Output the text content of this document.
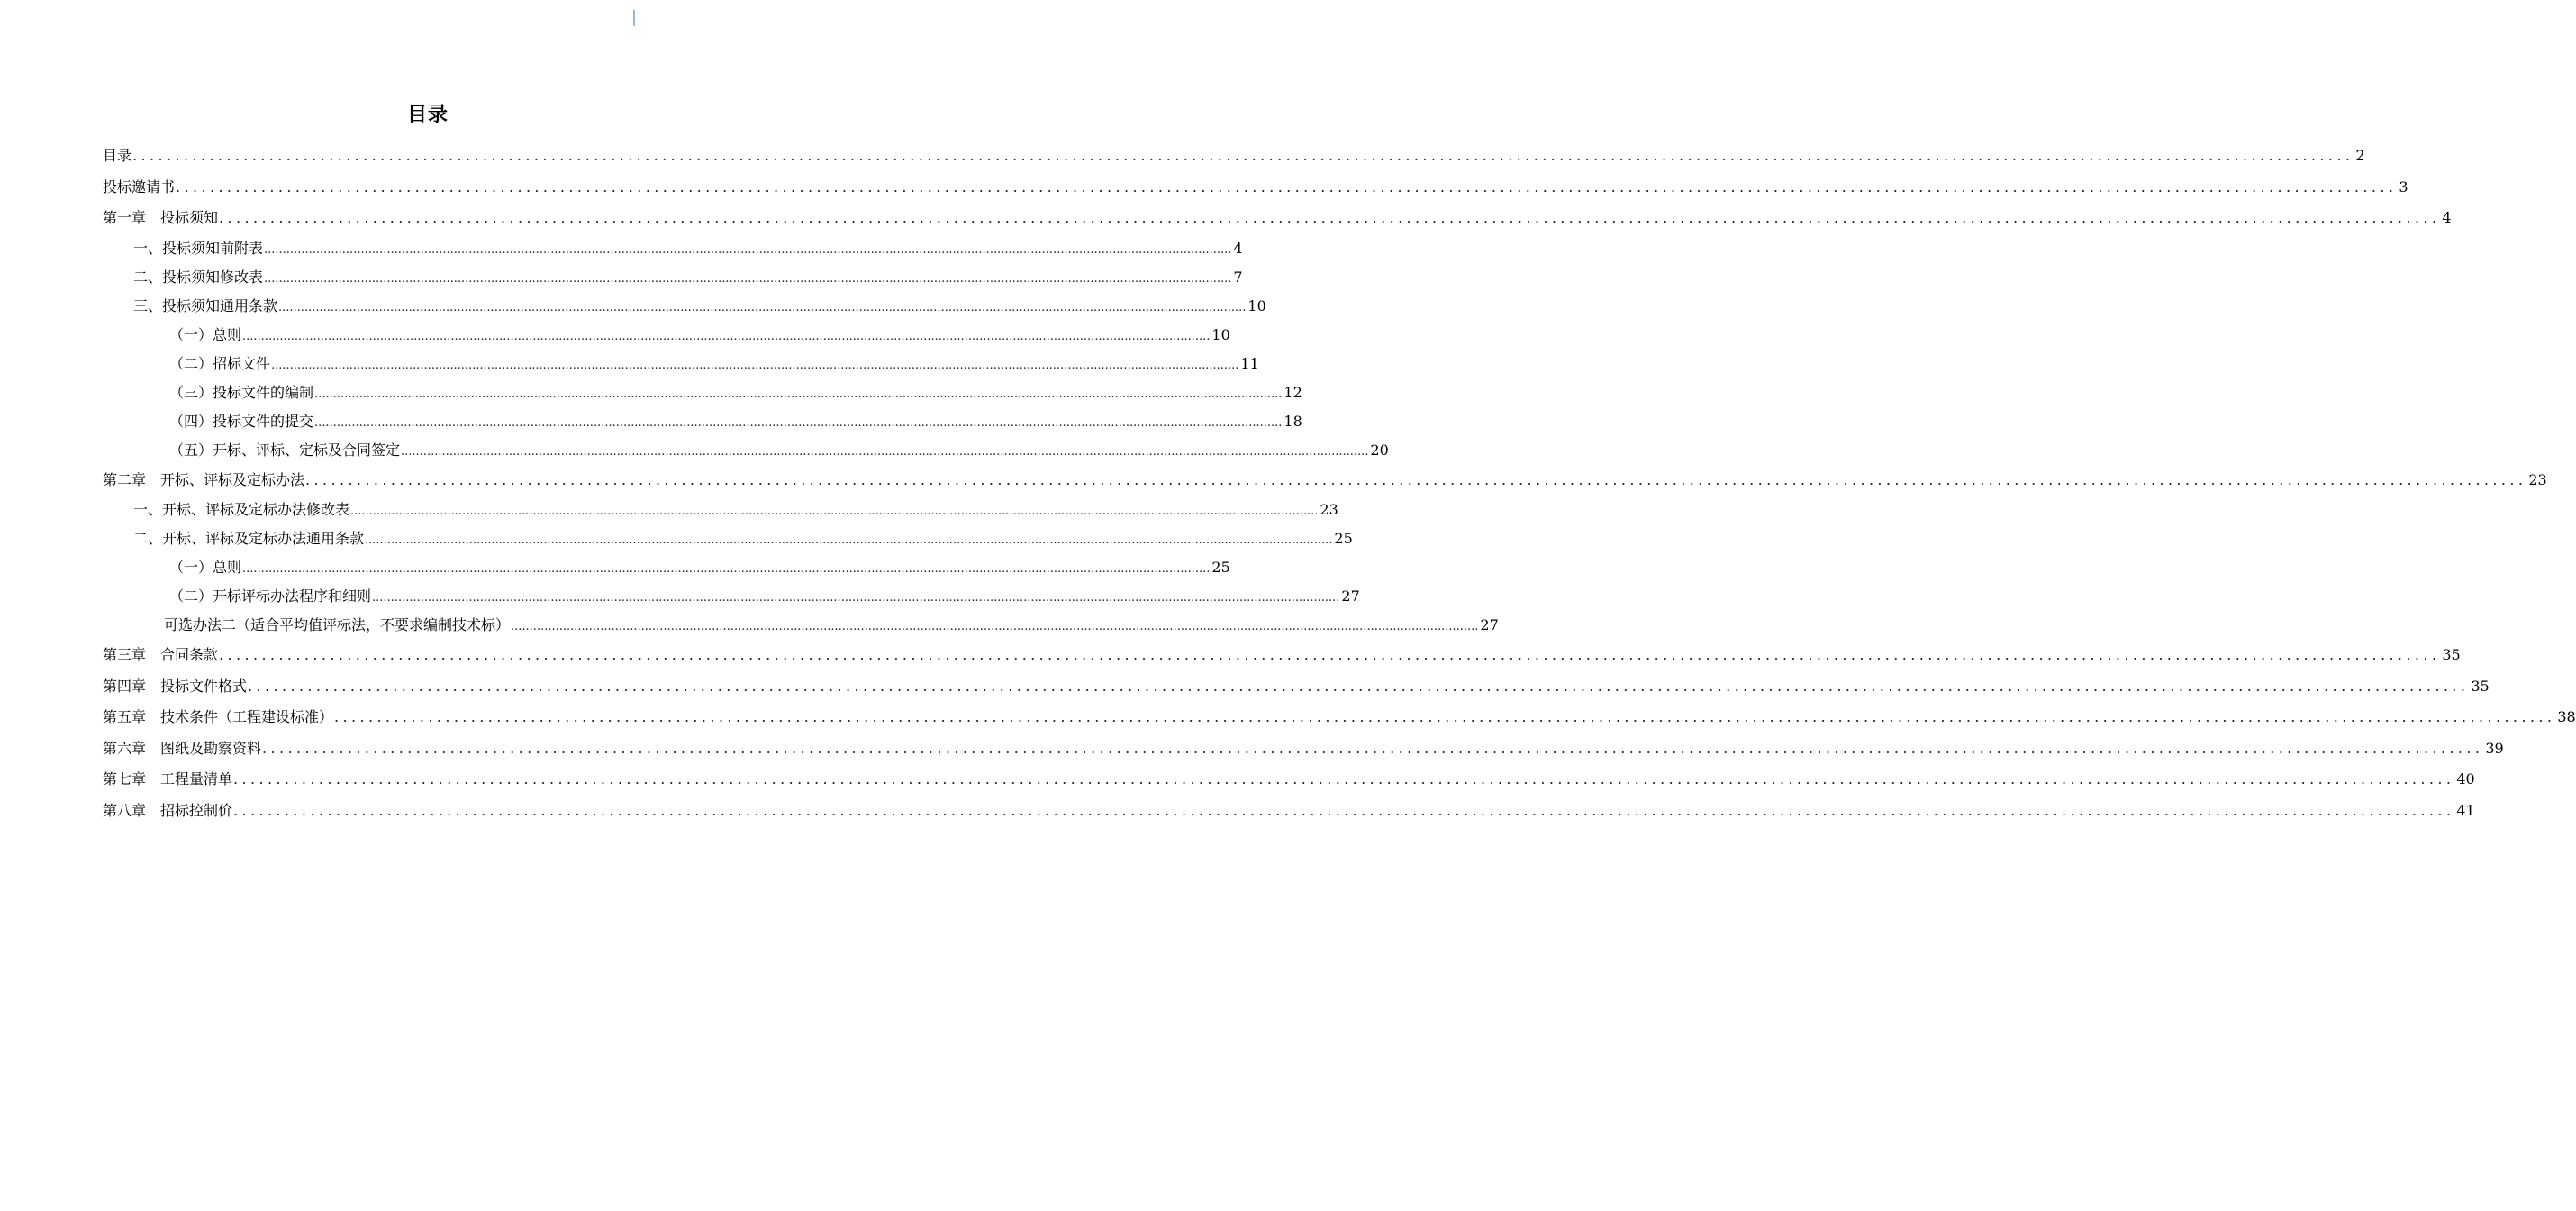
目录
目录 .................................................................................................................................................................................................................................................................... 2
投标邀请书 .................................................................................................................................................................................................................................................................... 3
第一章　投标须知 .................................................................................................................................................................................................................................................................... 4
一、投标须知前附表 .................................................................................................................................................................................................................................................................... 4
二、投标须知修改表 .................................................................................................................................................................................................................................................................... 7
三、投标须知通用条款 .................................................................................................................................................................................................................................................................... 10
（一）总则 .................................................................................................................................................................................................................................................................... 10
（二）招标文件 .................................................................................................................................................................................................................................................................... 11
（三）投标文件的编制 .................................................................................................................................................................................................................................................................... 12
（四）投标文件的提交 .................................................................................................................................................................................................................................................................... 18
（五）开标、评标、定标及合同签定 .................................................................................................................................................................................................................................................................... 20
第二章　开标、评标及定标办法 .................................................................................................................................................................................................................................................................... 23
一、开标、评标及定标办法修改表 .................................................................................................................................................................................................................................................................... 23
二、开标、评标及定标办法通用条款 .................................................................................................................................................................................................................................................................... 25
（一）总则 .................................................................................................................................................................................................................................................................... 25
（二）开标评标办法程序和细则 .................................................................................................................................................................................................................................................................... 27
可选办法二（适合平均值评标法，不要求编制技术标） .................................................................................................................................................................................................................................................................... 27
第三章　合同条款 .................................................................................................................................................................................................................................................................... 35
第四章　投标文件格式 .................................................................................................................................................................................................................................................................... 35
第五章　技术条件（工程建设标准） .................................................................................................................................................................................................................................................................... 38
第六章　图纸及勘察资料 .................................................................................................................................................................................................................................................................... 39
第七章　工程量清单 .................................................................................................................................................................................................................................................................... 40
第八章　招标控制价 .................................................................................................................................................................................................................................................................... 41
